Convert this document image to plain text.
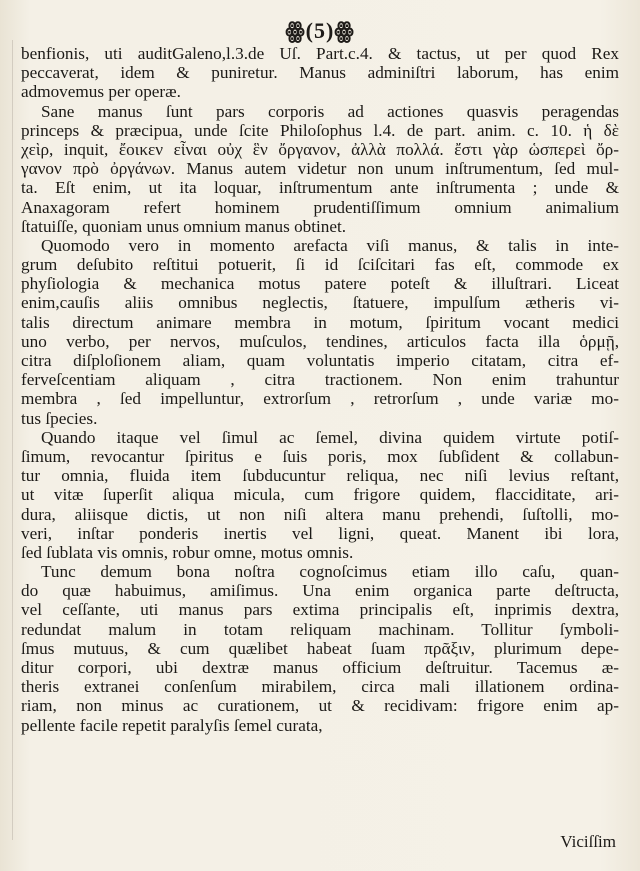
ꙮ(5)ꙮ
benfionis, uti auditGaleno,l.3.de Uſ. Part.c.4. & tactus, ut per quod Rex
peccaverat, idem & puniretur. Manus adminiſtri laborum, has enim
admovemus per operæ.
Sane manus ſunt pars corporis ad actiones quasvis peragendas
princeps & præcipua, unde ſcite Philoſophus l.4. de part. anim. c. 10. ἡ δὲ
χεὶρ, inquit, ἔοικεν εἶναι οὐχ ἓν ὄργανον, ἀλλὰ πολλά. ἔστι γὰρ ὡσπερεὶ ὄρ-
γανον πρὸ ὀργάνων. Manus autem videtur non unum inſtrumentum, ſed mul-
ta. Eſt enim, ut ita loquar, inſtrumentum ante inſtrumenta ; unde &
Anaxagoram refert hominem prudentiſſimum omnium animalium
ſtatuiſſe, quoniam unus omnium manus obtinet.
Quomodo vero in momento arefacta viſi manus, & talis in inte-
grum deſubito reſtitui potuerit, ſi id ſciſcitari fas eſt, commode ex
phyſiologia & mechanica motus patere poteſt & illuſtrari. Liceat
enim,cauſis aliis omnibus neglectis, ſtatuere, impulſum ætheris vi-
talis directum animare membra in motum, ſpiritum vocant medici
uno verbo, per nervos, muſculos, tendines, articulos facta illa ὁρμῇ,
citra diſploſionem aliam, quam voluntatis imperio citatam, citra ef-
ferveſcentiam aliquam , citra tractionem. Non enim trahuntur
membra , ſed impelluntur, extrorſum , retrorſum , unde variæ mo-
tus ſpecies.
Quando itaque vel ſimul ac ſemel, divina quidem virtute potiſ-
ſimum, revocantur ſpiritus e ſuis poris, mox ſubſident & collabun-
tur omnia, fluida item ſubducuntur reliqua, nec niſi levius reſtant,
ut vitæ ſuperſit aliqua micula, cum frigore quidem, flacciditate, ari-
dura, aliisque dictis, ut non niſi altera manu prehendi, ſuſtolli, mo-
veri, inſtar ponderis inertis vel ligni, queat. Manent ibi lora,
ſed ſublata vis omnis, robur omne, motus omnis.
Tunc demum bona noſtra cognoſcimus etiam illo caſu, quan-
do quæ habuimus, amiſimus. Una enim organica parte deſtructa,
vel ceſſante, uti manus pars extima principalis eſt, inprimis dextra,
redundat malum in totam reliquam machinam. Tollitur ſymboli-
ſmus mutuus, & cum quælibet habeat ſuam πρᾶξιν, plurimum depe-
ditur corpori, ubi dextræ manus officium deſtruitur. Tacemus æ-
theris extranei conſenſum mirabilem, circa mali illationem ordina-
riam, non minus ac curationem, ut & recidivam: frigore enim ap-
pellente facile repetit paralyſis ſemel curata,
Viciſſim
